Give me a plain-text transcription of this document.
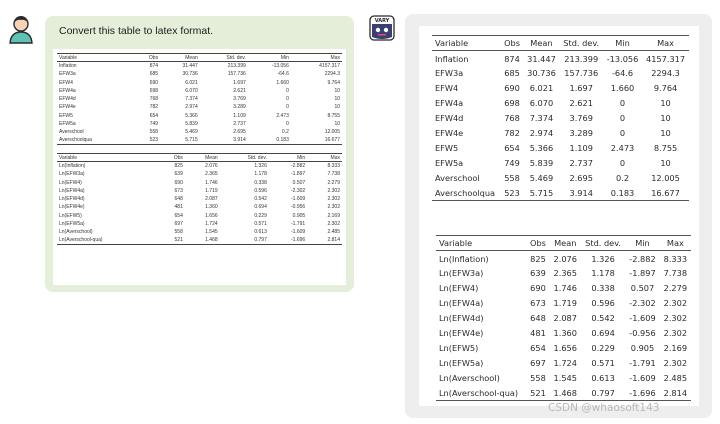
Convert this table to latex format.
Variable	Obs	Mean	Std. dev.	Min	Max
Inflation	874	31.447	213.399	-13.056	4157.317
EFW3a	685	30.736	157.736	-64.6	2294.3
EFW4	690	6.021	1.697	1.660	9.764
EFW4a	698	6.070	2.621	0	10
EFW4d	768	7.374	3.769	0	10
EFW4e	782	2.974	3.289	0	10
EFW5	654	5.366	1.109	2.473	8.755
EFW5a	749	5.839	2.737	0	10
Averschool	558	5.469	2.695	0.2	12.005
Averschoolqua	523	5.715	3.914	0.183	16.677
Variable	Obs	Mean	Std. dev.	Min	Max
Ln(Inflation)	825	2.076	1.326	-2.882	8.333
Ln(EFW3a)	639	2.365	1.178	-1.897	7.738
Ln(EFW4)	690	1.746	0.338	0.507	2.279
Ln(EFW4a)	673	1.719	0.596	-2.302	2.302
Ln(EFW4d)	648	2.087	0.542	-1.609	2.302
Ln(EFW4e)	481	1.360	0.694	-0.956	2.302
Ln(EFW5)	654	1.656	0.229	0.905	2.169
Ln(EFW5a)	697	1.724	0.571	-1.791	2.302
Ln(Averschool)	558	1.545	0.613	-1.609	2.485
Ln(Averschool-qua)	521	1.468	0.797	-1.696	2.814
VARY
Variable	Obs	Mean	Std. dev.	Min	Max
Inflation	874	31.447	213.399	-13.056	4157.317
EFW3a	685	30.736	157.736	-64.6	2294.3
EFW4	690	6.021	1.697	1.660	9.764
EFW4a	698	6.070	2.621	0	10
EFW4d	768	7.374	3.769	0	10
EFW4e	782	2.974	3.289	0	10
EFW5	654	5.366	1.109	2.473	8.755
EFW5a	749	5.839	2.737	0	10
Averschool	558	5.469	2.695	0.2	12.005
Averschoolqua	523	5.715	3.914	0.183	16.677
Variable	Obs	Mean	Std. dev.	Min	Max
Ln(Inflation)	825	2.076	1.326	-2.882	8.333
Ln(EFW3a)	639	2.365	1.178	-1.897	7.738
Ln(EFW4)	690	1.746	0.338	0.507	2.279
Ln(EFW4a)	673	1.719	0.596	-2.302	2.302
Ln(EFW4d)	648	2.087	0.542	-1.609	2.302
Ln(EFW4e)	481	1.360	0.694	-0.956	2.302
Ln(EFW5)	654	1.656	0.229	0.905	2.169
Ln(EFW5a)	697	1.724	0.571	-1.791	2.302
Ln(Averschool)	558	1.545	0.613	-1.609	2.485
Ln(Averschool-qua)	521	1.468	0.797	-1.696	2.814
CSDN @whaosoft143
